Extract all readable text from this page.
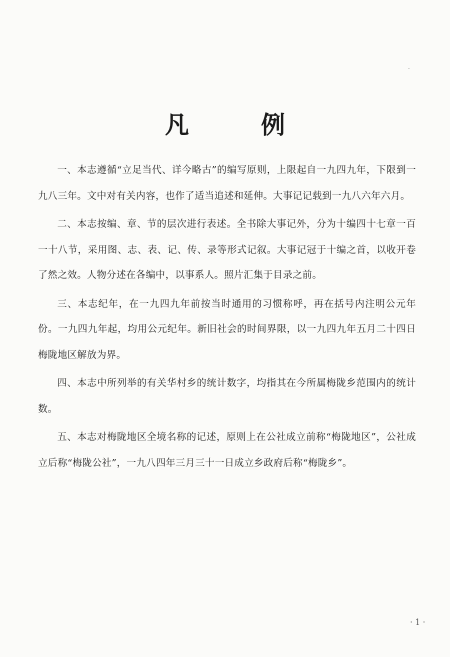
·
凡　例

一、本志遵循“立足当代、详今略古”的编写原则，上限起自一九四九年，下限到一九八三年。文中对有关内容，也作了适当追述和延伸。大事记记载到一九八六年六月。

二、本志按编、章、节的层次进行表述。全书除大事记外，分为十编四十七章一百一十八节，采用图、志、表、记、传、录等形式记叙。大事记冠于十编之首，以收开卷了然之效。人物分述在各编中，以事系人。照片汇集于目录之前。

三、本志纪年，在一九四九年前按当时通用的习惯称呼，再在括号内注明公元年份。一九四九年起，均用公元纪年。新旧社会的时间界限，以一九四九年五月二十四日梅陇地区解放为界。

四、本志中所列举的有关华村乡的统计数字，均指其在今所属梅陇乡范围内的统计数。

五、本志对梅陇地区全境名称的记述，原则上在公社成立前称“梅陇地区”，公社成立后称“梅陇公社”，一九八四年三月三十一日成立乡政府后称“梅陇乡”。

· 1 ·
